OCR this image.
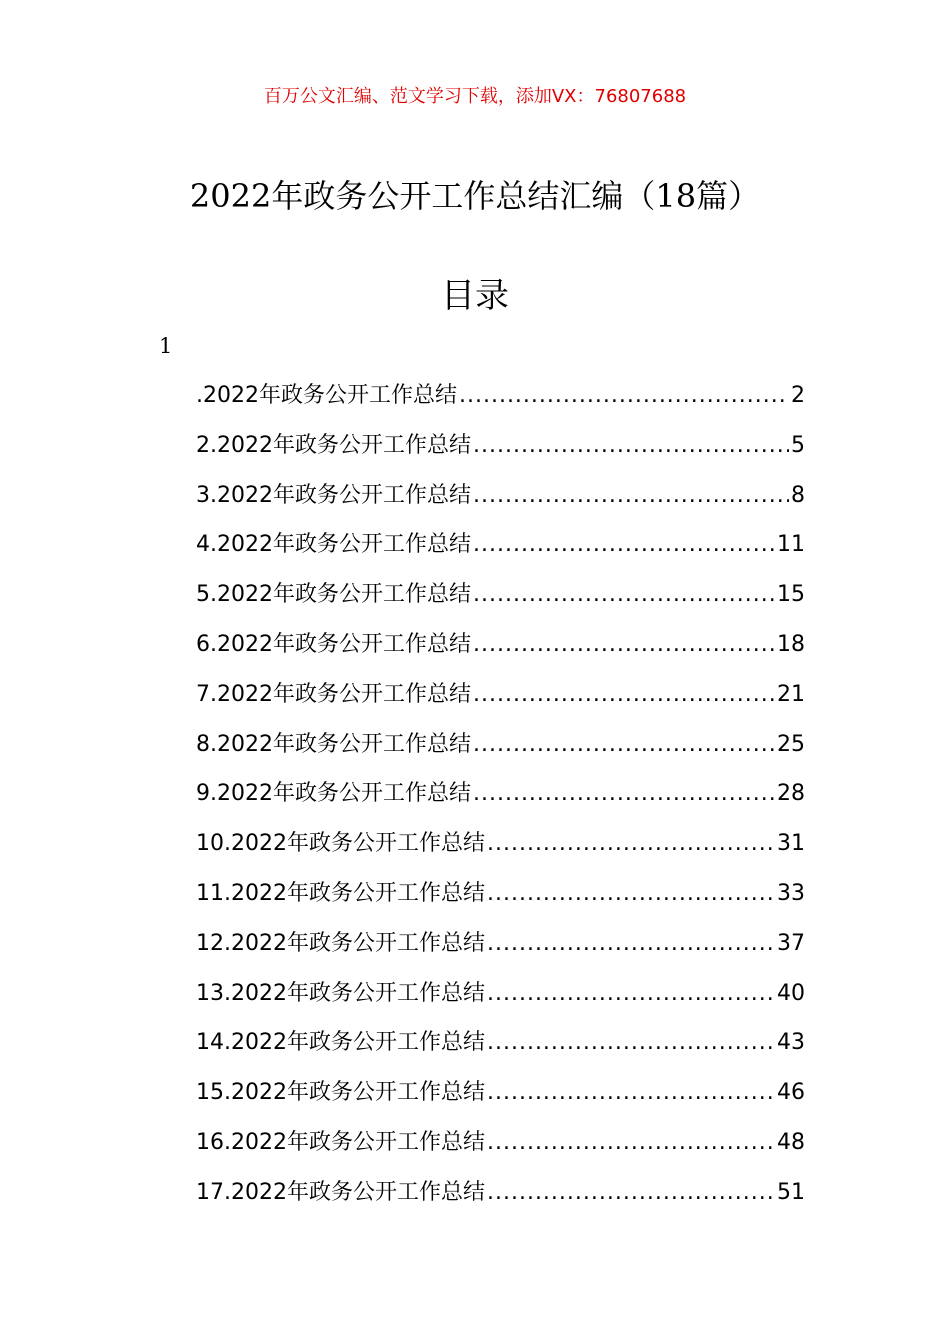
百万公文汇编、范文学习下载，添加VX：76807688
2022年政务公开工作总结汇编（18篇）
目录
1
.2022年政务公开工作总结 .....	2
2.2022年政务公开工作总结 .....	5
3.2022年政务公开工作总结 .....	8
4.2022年政务公开工作总结 .....	11
5.2022年政务公开工作总结 .....	15
6.2022年政务公开工作总结 .....	18
7.2022年政务公开工作总结 .....	21
8.2022年政务公开工作总结 .....	25
9.2022年政务公开工作总结 .....	28
10.2022年政务公开工作总结 .....	31
11.2022年政务公开工作总结 .....	33
12.2022年政务公开工作总结 .....	37
13.2022年政务公开工作总结 .....	40
14.2022年政务公开工作总结 .....	43
15.2022年政务公开工作总结 .....	46
16.2022年政务公开工作总结 .....	48
17.2022年政务公开工作总结 .....	51
